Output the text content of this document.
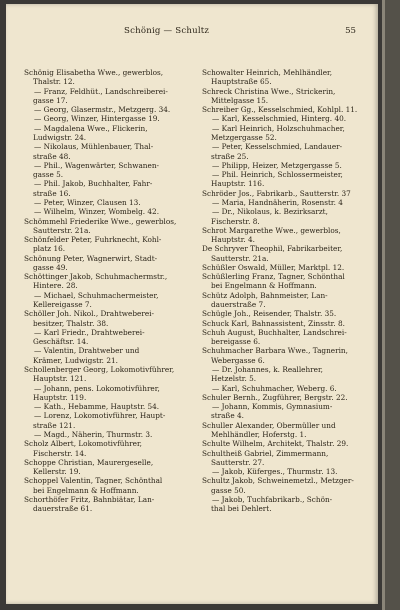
Schönig — Schultz	55

Schönig Elisabetha Wwe., gewerblos,

Thalstr. 12.

— Franz, Feldhüt., Landschreiberei-

gasse 17.

— Georg, Glasermstr., Metzgerg. 34.

— Georg, Winzer, Hintergasse 19.

— Magdalena Wwe., Flickerin,

Ludwigstr. 24.

— Nikolaus, Mühlenbauer, Thal-

straße 48.

— Phil., Wagenwärter, Schwanen-

gasse 5.

— Phil. Jakob, Buchhalter, Fahr-

straße 16.

— Peter, Winzer, Clausen 13.

— Wilhelm, Winzer, Wombelg. 42.

Schömmehl Friederike Wwe., gewerblos,

Sautterstr. 21a.

Schönfelder Peter, Fuhrknecht, Kohl-

platz 16.

Schönung Peter, Wagnerwirt, Stadt-

gasse 49.

Schöttinger Jakob, Schuhmachermstr.,

Hintere. 28.

— Michael, Schuhmachermeister,

Kellereigasse 7.

Schöller Joh. Nikol., Drahtweberei-

besitzer, Thalstr. 38.

— Karl Friedr., Drahtweberei-

Geschäftsr. 14.

— Valentin, Drahtweber und

Krämer, Ludwigstr. 21.

Schollenberger Georg, Lokomotivführer,

Hauptstr. 121.

— Johann, pens. Lokomotivführer,

Hauptstr. 119.

— Kath., Hebamme, Hauptstr. 54.

— Lorenz, Lokomotivführer, Haupt-

straße 121.

— Magd., Näherin, Thurmstr. 3.

Scholz Albert, Lokomotivführer,

Fischerstr. 14.

Schoppe Christian, Maurergeselle,

Kellerstr. 19.

Schoppel Valentin, Tagner, Schönthal

bei Engelmann & Hoffmann.

Schorthöfer Fritz, Bahnbiätar, Lan-

dauerstraße 61.

Schowalter Heinrich, Mehlhändler,

Hauptstraße 65.

Schreck Christina Wwe., Strickerin,

Mittelgasse 15.

Schreiber Gg., Kesselschmied, Kohlpl. 11.

— Karl, Kesselschmied, Hinterg. 40.

— Karl Heinrich, Holzschuhmacher,

Metzgergasse 52.

— Peter, Kesselschmied, Landauer-

straße 25.

— Philipp, Heizer, Metzgergasse 5.

— Phil. Heinrich, Schlossermeister,

Hauptstr. 116.

Schröder Jos., Fabrikarb., Sautterstr. 37

— Maria, Handnäherin, Rosenstr. 4

— Dr., Nikolaus, k. Bezirksarzt,

Fischerstr. 8.

Schrot Margarethe Wwe., gewerblos,

Hauptstr. 4.

De Schryver Theophil, Fabrikarbeiter,

Sautterstr. 21a.

Schüßler Oswald, Müller, Marktpl. 12.

Schüßlerling Franz, Tagner, Schönthal

bei Engelmann & Hoffmann.

Schütz Adolph, Bahnmeister, Lan-

dauerstraße 7.

Schügle Joh., Reisender, Thalstr. 35.

Schuck Karl, Bahnassistent, Zinsstr. 8.

Schuh August, Buchhalter, Landschrei-

bereigasse 6.

Schuhmacher Barbara Wwe., Tagnerin,

Webergasse 6.

— Dr. Johannes, k. Reallehrer,

Hetzelstr. 5.

— Karl, Schuhmacher, Weberg. 6.

Schuler Bernh., Zugführer, Bergstr. 22.

— Johann, Kommis, Gymnasium-

straße 4.

Schuller Alexander, Obermüller und

Mehlhändler, Hoferstg. 1.

Schulte Wilhelm, Architekt, Thalstr. 29.

Schultheiß Gabriel, Zimmermann,

Sautterstr. 27.

— Jakob, Küferges., Thurmstr. 13.

Schultz Jakob, Schweinemetzl., Metzger-

gasse 50.

— Jakob, Tuchfabrikarb., Schön-

thal bei Dehlert.
